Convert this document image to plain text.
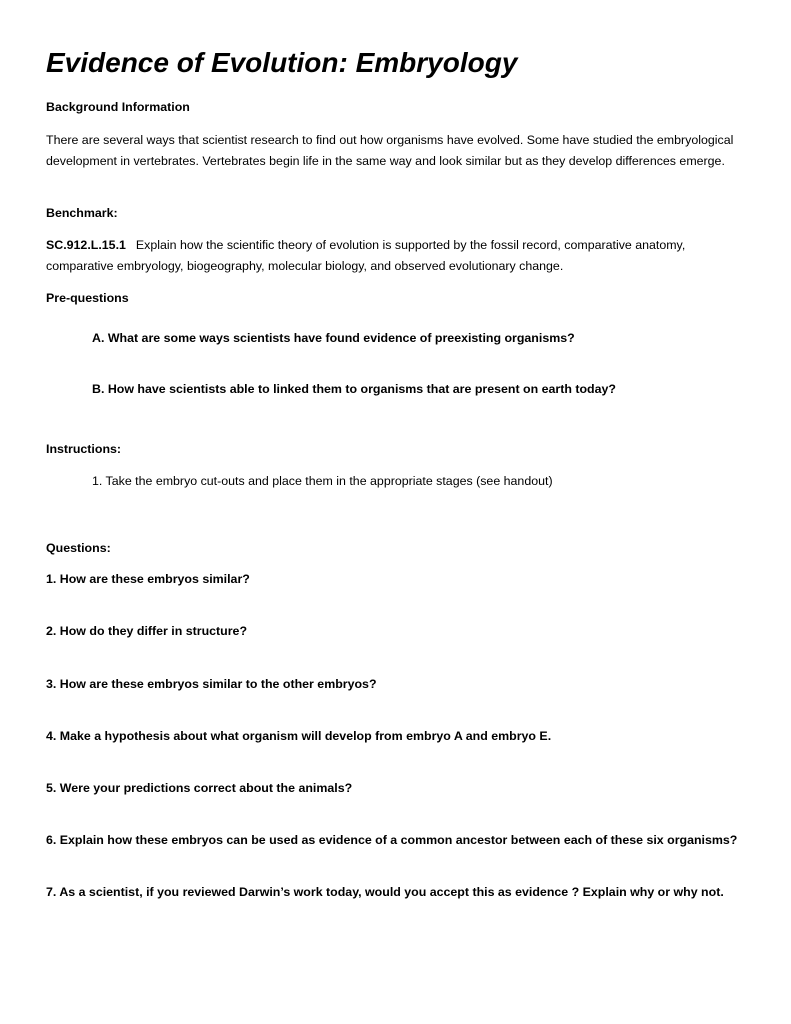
Evidence of Evolution: Embryology

Background Information

There are several ways that scientist research to find out how organisms have evolved. Some have studied the embryological development in vertebrates. Vertebrates begin life in the same way and look similar but as they develop differences emerge.

Benchmark:

SC.912.L.15.1 Explain how the scientific theory of evolution is supported by the fossil record, comparative anatomy, comparative embryology, biogeography, molecular biology, and observed evolutionary change.

Pre-questions

A. What are some ways scientists have found evidence of preexisting organisms?

B. How have scientists able to linked them to organisms that are present on earth today?

Instructions:

1. Take the embryo cut-outs and place them in the appropriate stages (see handout)

Questions:

1. How are these embryos similar?

2. How do they differ in structure?

3. How are these embryos similar to the other embryos?

4. Make a hypothesis about what organism will develop from embryo A and embryo E.

5. Were your predictions correct about the animals?

6. Explain how these embryos can be used as evidence of a common ancestor between each of these six organisms?

7. As a scientist, if you reviewed Darwin’s work today, would you accept this as evidence ? Explain why or why not.
